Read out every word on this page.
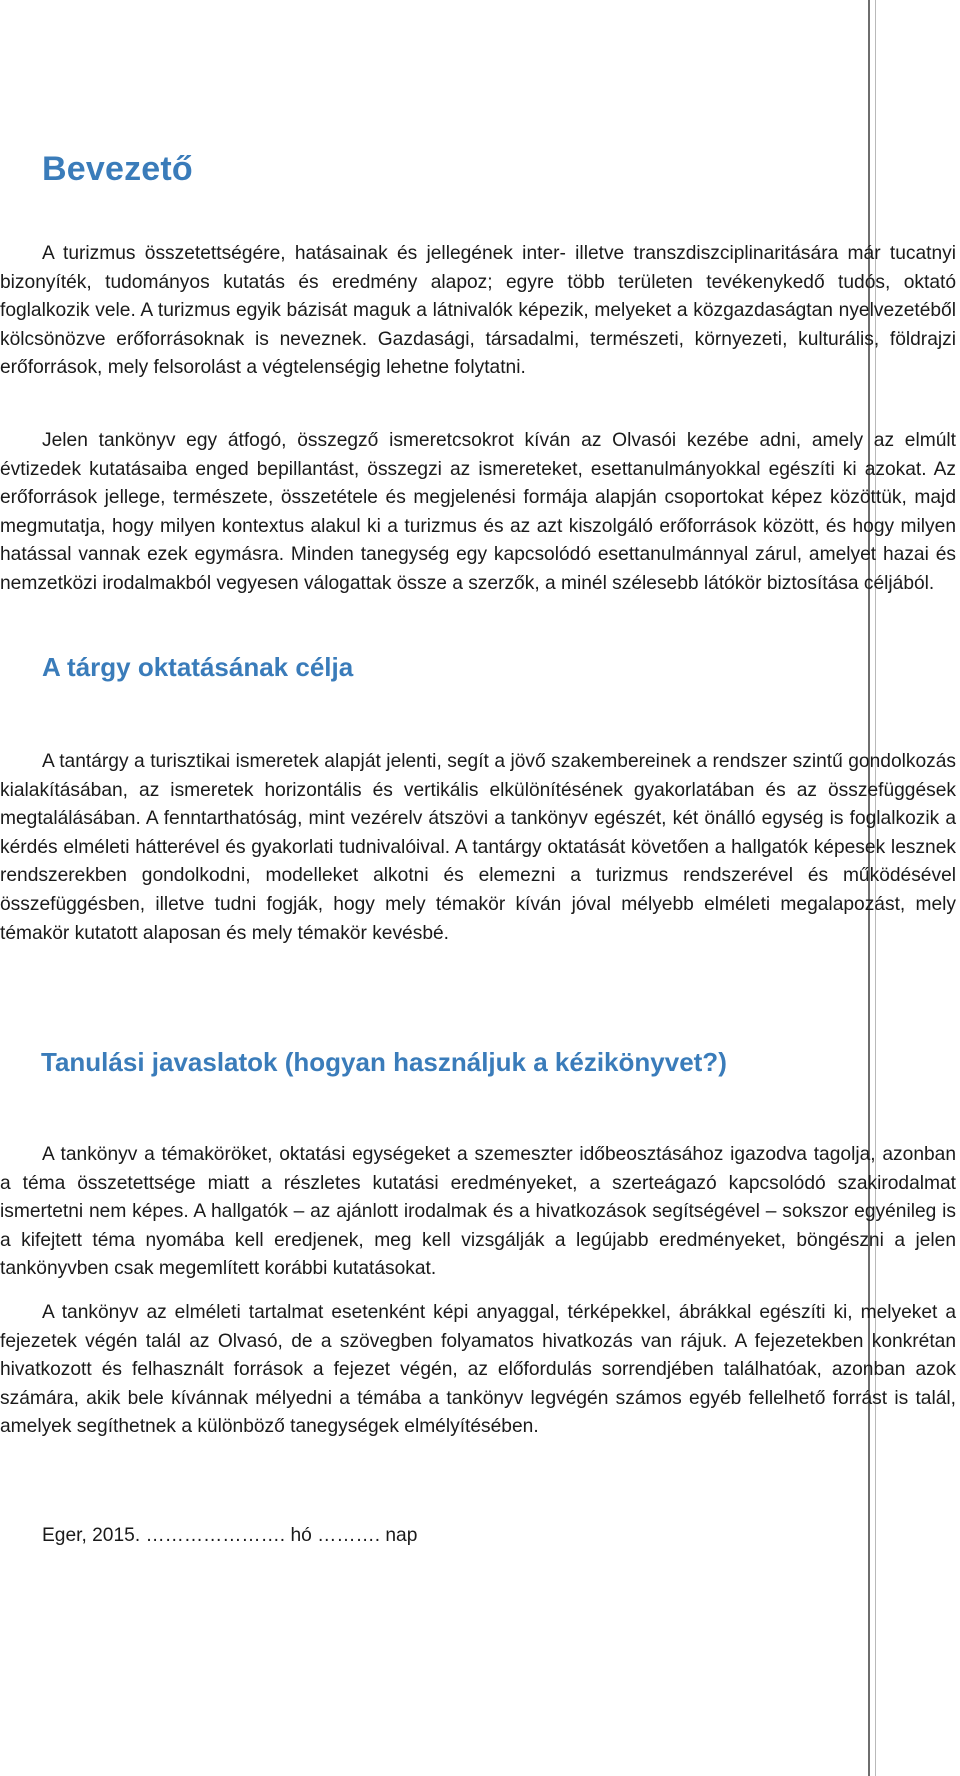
Bevezető

A turizmus összetettségére, hatásainak és jellegének inter- illetve transzdiszciplinaritására már tucatnyi bizonyíték, tudományos kutatás és eredmény alapoz; egyre több területen tevékenykedő tudós, oktató foglalkozik vele. A turizmus egyik bázisát maguk a látnivalók képezik, melyeket a közgazdaságtan nyelvezetéből kölcsönözve erőforrásoknak is neveznek. Gazdasági, társadalmi, természeti, környezeti, kulturális, földrajzi erőforrások, mely felsorolást a végtelenségig lehetne folytatni.

Jelen tankönyv egy átfogó, összegző ismeretcsokrot kíván az Olvasói kezébe adni, amely az elmúlt évtizedek kutatásaiba enged bepillantást, összegzi az ismereteket, esettanulmányokkal egészíti ki azokat. Az erőforrások jellege, természete, összetétele és megjelenési formája alapján csoportokat képez közöttük, majd megmutatja, hogy milyen kontextus alakul ki a turizmus és az azt kiszolgáló erőforrások között, és hogy milyen hatással vannak ezek egymásra. Minden tanegység egy kapcsolódó esettanulmánnyal zárul, amelyet hazai és nemzetközi irodalmakból vegyesen válogattak össze a szerzők, a minél szélesebb látókör biztosítása céljából.

A tárgy oktatásának célja

A tantárgy a turisztikai ismeretek alapját jelenti, segít a jövő szakembereinek a rendszer szintű gondolkozás kialakításában, az ismeretek horizontális és vertikális elkülönítésének gyakorlatában és az összefüggések megtalálásában. A fenntarthatóság, mint vezérelv átszövi a tankönyv egészét, két önálló egység is foglalkozik a kérdés elméleti hátterével és gyakorlati tudnivalóival. A tantárgy oktatását követően a hallgatók képesek lesznek rendszerekben gondolkodni, modelleket alkotni és elemezni a turizmus rendszerével és működésével összefüggésben, illetve tudni fogják, hogy mely témakör kíván jóval mélyebb elméleti megalapozást, mely témakör kutatott alaposan és mely témakör kevésbé.

Tanulási javaslatok (hogyan használjuk a kézikönyvet?)

A tankönyv a témaköröket, oktatási egységeket a szemeszter időbeosztásához igazodva tagolja, azonban a téma összetettsége miatt a részletes kutatási eredményeket, a szerteágazó kapcsolódó szakirodalmat ismertetni nem képes. A hallgatók – az ajánlott irodalmak és a hivatkozások segítségével – sokszor egyénileg is a kifejtett téma nyomába kell eredjenek, meg kell vizsgálják a legújabb eredményeket, böngészni a jelen tankönyvben csak megemlített korábbi kutatásokat.

A tankönyv az elméleti tartalmat esetenként képi anyaggal, térképekkel, ábrákkal egészíti ki, melyeket a fejezetek végén talál az Olvasó, de a szövegben folyamatos hivatkozás van rájuk. A fejezetekben konkrétan hivatkozott és felhasznált források a fejezet végén, az előfordulás sorrendjében találhatóak, azonban azok számára, akik bele kívánnak mélyedni a témába a tankönyv legvégén számos egyéb fellelhető forrást is talál, amelyek segíthetnek a különböző tanegységek elmélyítésében.

Eger, 2015. …………………. hó ………. nap
